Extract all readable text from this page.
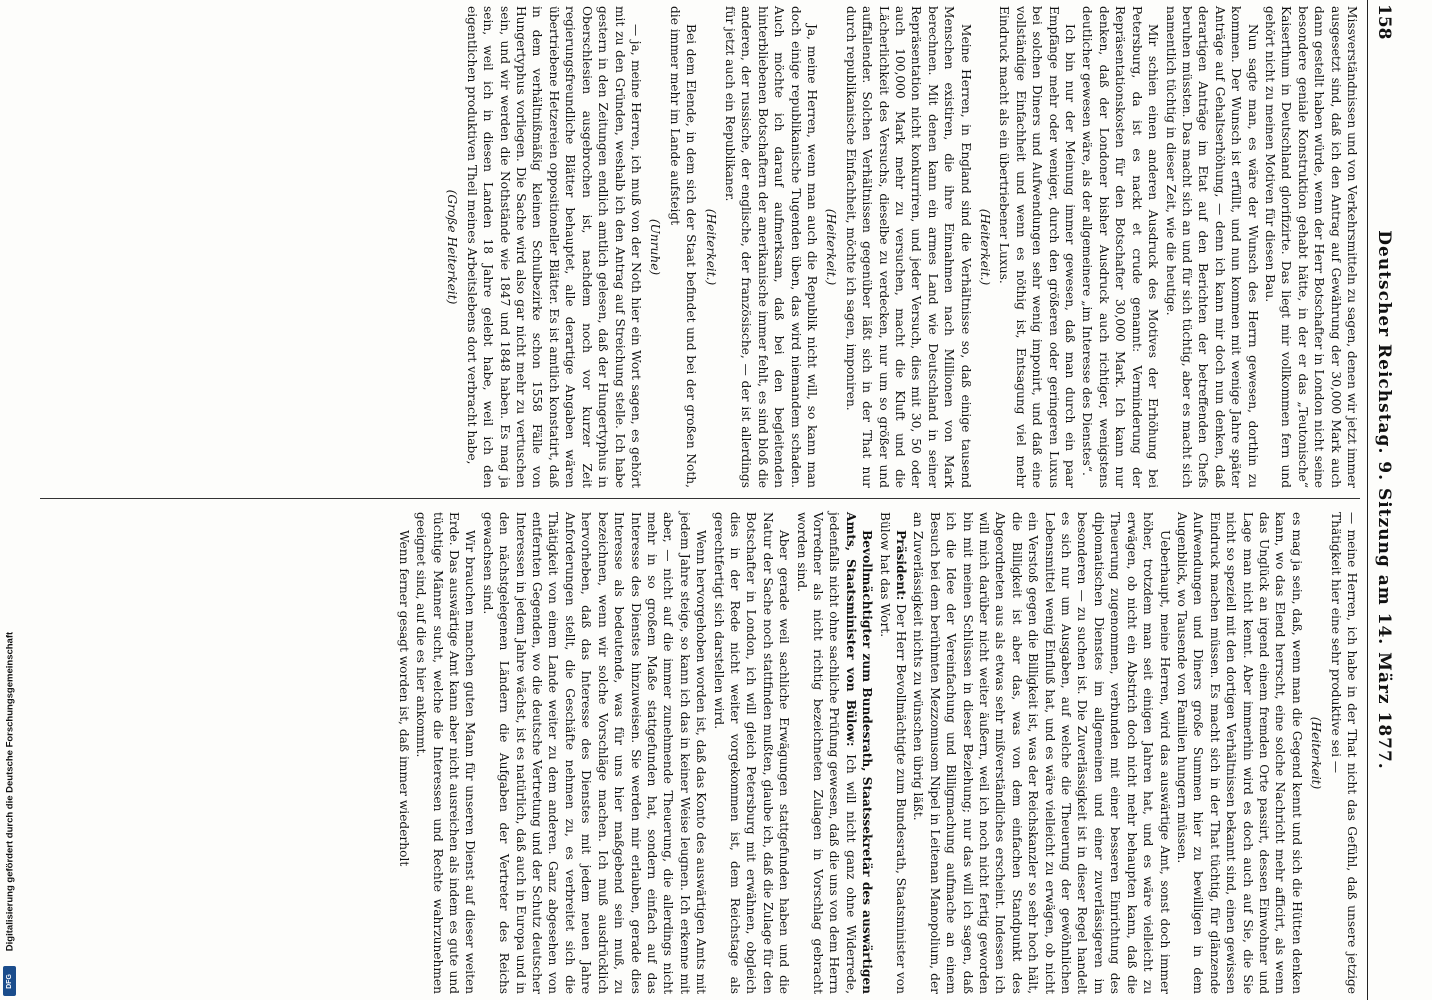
158
Deutscher Reichstag. 9. Sitzung am 14. März 1877.

Missverständnissen und von Verkehrsmitteln zu sagen, denen wir jetzt immer ausgesetzt sind, daß ich den Antrag auf Gewährung der 30,000 Mark auch dann gestellt haben würde, wenn der Herr Botschafter in London nicht seine besondere geniale Konstruktion gehabt hätte, in der er das „Teutonische“ Kaiserthum in Deutschland glorifizirte. Das liegt mir vollkommen fern und gehört nicht zu meinen Motiven für diesen Bau.

Nun sagte man, es wäre der Wunsch des Herrn gewesen, dorthin zu kommen. Der Wunsch ist erfüllt, und nun kommen mit wenige Jahre später Anträge auf Gehaltserhöhung, — denn ich kann mir doch nun denken, daß derartigen Anträge im Etat auf den Berichten der betreffenden Chefs beruhen müssten. Das macht sich an und für sich tüchtig, aber es macht sich namentlich tüchtig in dieser Zeit, wie die heutige.

Mir schien einen anderen Ausdruck des Motives der Erhöhung bei Petersburg, da ist es nackt et crude genannt: Verminderung der Repräsentationskosten für den Botschafter 30,000 Mark. Ich kann nur denken, daß der Londoner bisher Ausdruck auch richtiger, wenigstens deutlicher gewesen wäre, als der allgemeinere „im Interesse des Dienstes“.

Ich bin nur der Meinung immer gewesen, daß man durch ein paar Empfänge mehr oder weniger, durch den größeren oder geringeren Luxus bei solchen Diners und Aufwendungen sehr wenig imponirt, und daß eine vollständige Einfachheit und wenn es nöthig ist, Entsagung viel mehr Eindruck macht als ein übertriebener Luxus.

(Heiterkeit.)

Meine Herren, in England sind die Verhältnisse so, daß einige tausend Menschen existiren, die ihre Einnahmen nach Millionen von Mark berechnen. Mit denen kann ein armes Land wie Deutschland in seiner Repräsentation nicht konkurriren, und jeder Versuch, dies mit 30, 50 oder auch 100,000 Mark mehr zu versuchen, macht die Kluft und die Lächerlichkeit des Versuchs, dieselbe zu verdecken, nur um so größer und auffallender. Solchen Verhältnissen gegenüber läßt sich in der That nur durch republikanische Einfachheit, möchte ich sagen, imponiren.

(Heiterkeit.)

Ja, meine Herren, wenn man auch die Republik nicht will, so kann man doch einige republikanische Tugenden üben, das wird niemandem schaden. Auch möchte ich darauf aufmerksam, daß bei den begleitenden hinterbliebenen Botschaftern der amerikanische immer fehlt, es sind bloß die anderen, der russische, der englische, der französische, — der ist allerdings für jetzt auch ein Republikaner.

(Heiterkeit.)

Bei dem Elende, in dem sich der Staat befindet und bei der großen Noth, die immer mehr im Lande aufsteigt

(Unruhe)

— ja, meine Herren, ich muß von der Noth hier ein Wort sagen, es gehört mit zu den Gründen, weshalb ich den Antrag auf Streichung stelle. Ich habe gestern in den Zeitungen endlich amtlich gelesen, daß der Hungertyphus in Oberschlesien ausgebrochen ist, nachdem noch vor kurzer Zeit regierungsfreundliche Blätter behauptet, alle derartige Angaben wären übertriebene Hetzereien oppositioneller Blätter. Es ist amtlich konstatirt, daß in dem verhältnißmäßig kleinen Schulbezirke schon 1558 Fälle von Hungertyphus vorliegen. Die Sache wird also gar nicht mehr zu vertuschen sein, und wir werden die Nothstände wie 1847 und 1848 haben. Es mag ja sein, weil ich in diesen Landen 18 Jahre gelebt habe, weil ich den eigentlichen produktiven Theil meines Arbeitslebens dort verbracht habe,

(Große Heiterkeit)

— meine Herren, ich habe in der That nicht das Gefühl, daß unsere jetzige Thätigkeit hier eine sehr produktive sei —

(Heiterkeit)

es mag ja sein, daß, wenn man die Gegend kennt und sich die Hütten denken kann, wo das Elend herrscht, eine solche Nachricht mehr afficirt, als wenn das Unglück an irgend einem fremden Orte passirt, dessen Einwohner und Lage man nicht kennt. Aber immerhin wird es doch auch auf Sie, die Sie nicht so speziell mit den dortigen Verhältnissen bekannt sind, einen gewissen Eindruck machen müssen. Es macht sich in der That tüchtig, für glänzende Aufwendungen und Diners große Summen hier zu bewilligen in dem Augenblick, wo Tausende von Familien hungern müssen.

Ueberhaupt, meine Herren, wird das auswärtige Amt, sonst doch immer höher, trotzdem man seit einigen Jahren hat, und es wäre vielleicht zu erwägen, ob nicht ein Abstrich doch nicht mehr behaupten kann, daß die Theuerung zugenommen, verbunden mit einer besseren Einrichtung des diplomatischen Dienstes im allgemeinen und einer zuverlässigeren im besonderen — zu suchen ist. Die Zuverlässigkeit ist in dieser Regel handelt es sich nur um Ausgaben, auf welche die Theuerung der gewöhnlichen Lebensmittel wenig Einfluß hat, und es wäre vielleicht zu erwägen, ob nicht ein Verstoß gegen die Billigkeit ist, was der Reichskanzler so sehr hoch hält, die Billigkeit ist aber das, was von dem einfachen Standpunkt des Abgeordneten aus als etwas sehr mißverständliches erscheint. Indessen ich will mich darüber nicht weiter äußern, weil ich noch nicht fertig geworden bin mit meinen Schlüssen in dieser Beziehung; nur das will ich sagen, daß ich die Idee der Vereinfachung und Billigmachung aufmache an einem Besuch bei dem berühmten Mezzomusom Nipel in Leitenan Manopolium, der an Zuverlässigkeit nichts zu wünschen übrig läßt.

Präsident: Der Herr Bevollmächtigte zum Bundesrath, Staatsminister von Bülow hat das Wort.

Bevollmächtigter zum Bundesrath, Staatssekretär des auswärtigen Amts, Staatsminister von Bülow: Ich will nicht ganz ohne Widerrede, jedenfalls nicht ohne sachliche Prüfung gewesen, daß die uns von dem Herrn Vorredner als nicht richtig bezeichneten Zulagen in Vorschlag gebracht worden sind.

Aber gerade weil sachliche Erwägungen stattgefunden haben und die Natur der Sache noch stattfinden mußten, glaube ich, daß die Zulage für den Botschafter in London, ich will gleich Petersburg mit erwähnen, obgleich dies in der Rede nicht weiter vorgekommen ist, dem Reichstage als gerechtfertigt sich darstellen wird.

Wenn hervorgehoben worden ist, daß das Konto des auswärtigen Amts mit jedem Jahre steige, so kann ich das in keiner Weise leugnen. Ich erkenne mit aber, — nicht auf die immer zunehmende Theuerung, die allerdings nicht mehr in so großem Maße stattgefunden hat, sondern einfach auf das Interesse des Dienstes hinzuweisen. Sie werden mir erlauben, gerade dies Interesse als bedeutende, was für uns hier maßgebend sein muß, zu bezeichnen, wenn wir solche Vorschläge machen. Ich muß ausdrücklich hervorheben, daß das Interesse des Dienstes mit jedem neuen Jahre Anforderungen stellt, die Geschäfte nehmen zu, es verbreitet sich die Thätigkeit von einem Lande weiter zu dem anderen. Ganz abgesehen von entfernten Gegenden, wo die deutsche Vertretung und der Schutz deutscher Interessen in jedem Jahre wächst, ist es natürlich, daß auch in Europa und in den nächstgelegenen Ländern die Aufgaben der Vertreter des Reichs gewachsen sind.

Wir brauchen manchen guten Mann für unseren Dienst auf dieser weiten Erde. Das auswärtige Amt kann aber nicht ausreichen als indem es gute und tüchtige Männer sucht, welche die Interessen und Rechte wahrzunehmen geeignet sind, auf die es hier ankommt.

Wenn ferner gesagt worden ist, daß immer wiederholt

Digitalisierung gefördert durch die Deutsche Forschungsgemeinschaft
DFG
